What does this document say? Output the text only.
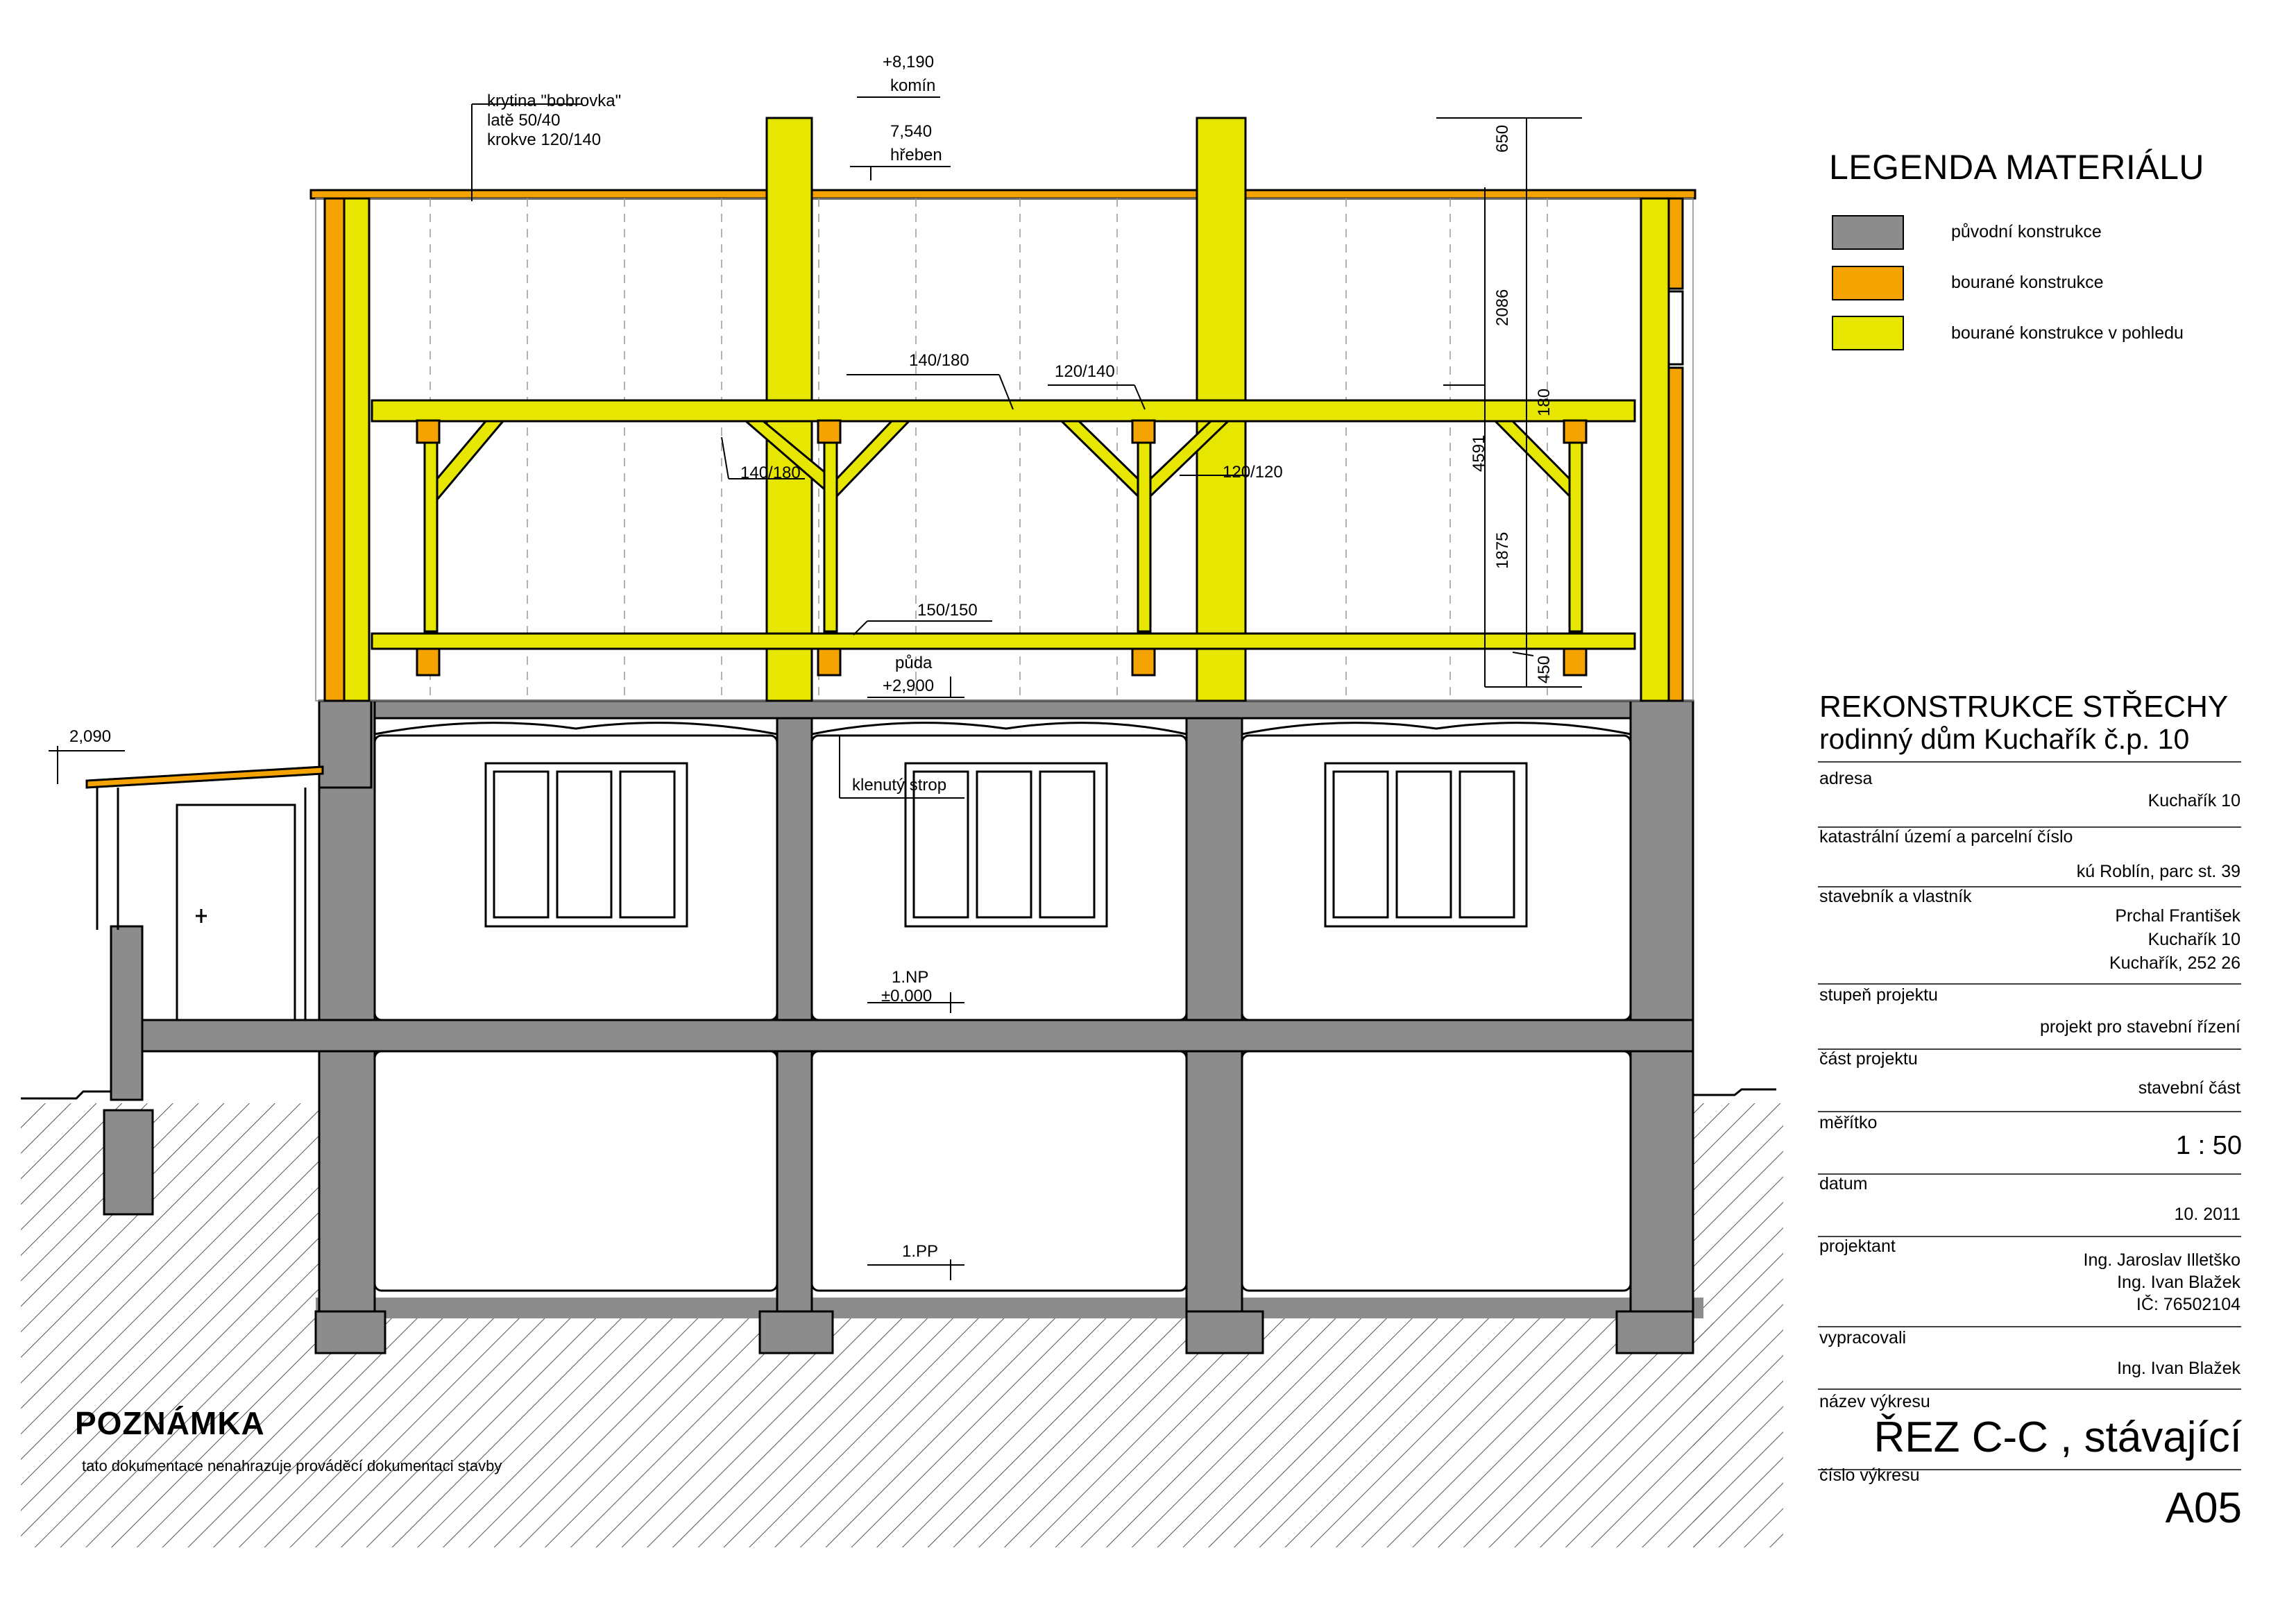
krytina "bobrovka"
latě 50/40
krokve 120/140
+8,190
komín
7,540
hřeben
140/180
120/140
140/180	120/120
150/150
půda
+2,900
2,090
klenutý strop
1.NP
±0,000
1.PP
650
2086
180
4591
1875
450
LEGENDA MATERIÁLU
původní konstrukce
bourané konstrukce
bourané konstrukce v pohledu
REKONSTRUKCE STŘECHY
rodinný dům Kuchařík č.p. 10
adresa
Kuchařík 10
katastrální území a parcelní číslo
kú Roblín, parc st. 39
stavebník a vlastník
Prchal František
Kuchařík 10
Kuchařík, 252 26
stupeň projektu
projekt pro stavební řízení
část projektu
stavební část
měřítko
1 : 50
datum
10. 2011
projektant
Ing. Jaroslav Illetško
Ing. Ivan Blažek
IČ: 76502104
vypracovali
Ing. Ivan Blažek
název výkresu
ŘEZ C-C , stávající
číslo výkresu
A05
POZNÁMKA
tato dokumentace nenahrazuje prováděcí dokumentaci stavby
